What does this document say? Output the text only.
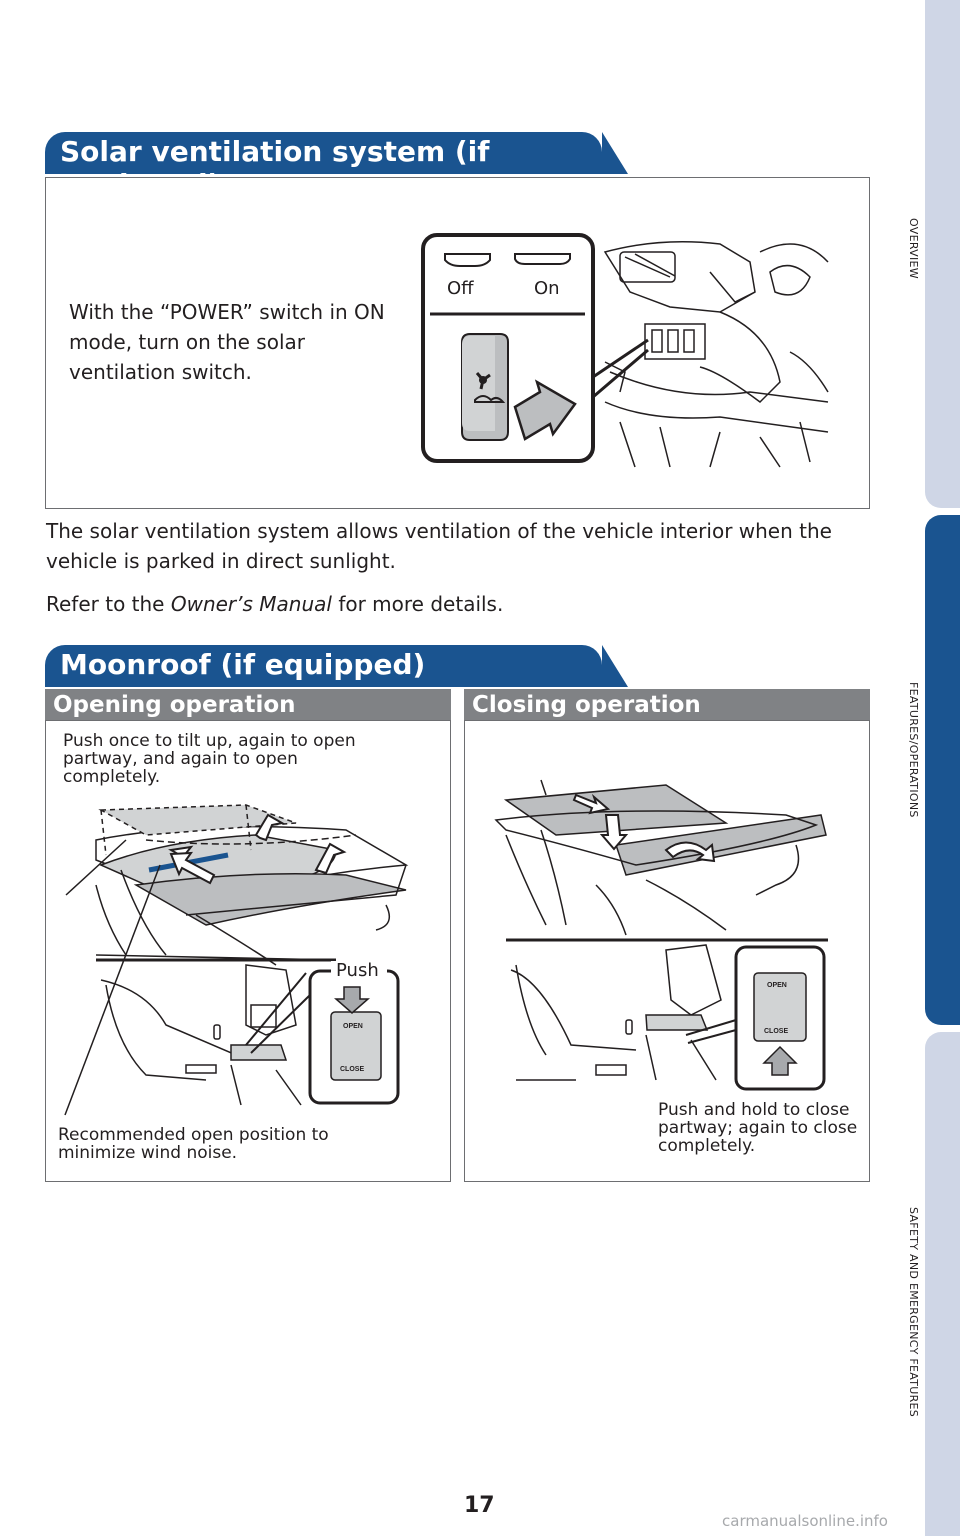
OVERVIEW
FEATURES/OPERATIONS
SAFETY AND EMERGENCY FEATURES
Solar ventilation system (if
With the “POWER” switch in ON mode, turn on the solar ventilation switch.
Off	On
The solar ventilation system allows ventilation of the vehicle interior when the vehicle is parked in direct sunlight.
Refer to the Owner’s Manual for more details.
Moonroof (if equipped)
Opening operation	Closing operation
Push once to tilt up, again to open partway, and again to open completely.
OPEN
CLOSE
Push
Recommended open position to minimize wind noise.
OPEN
CLOSE
Push and hold to close partway; again to close completely.
17
carmanualsonline.info
